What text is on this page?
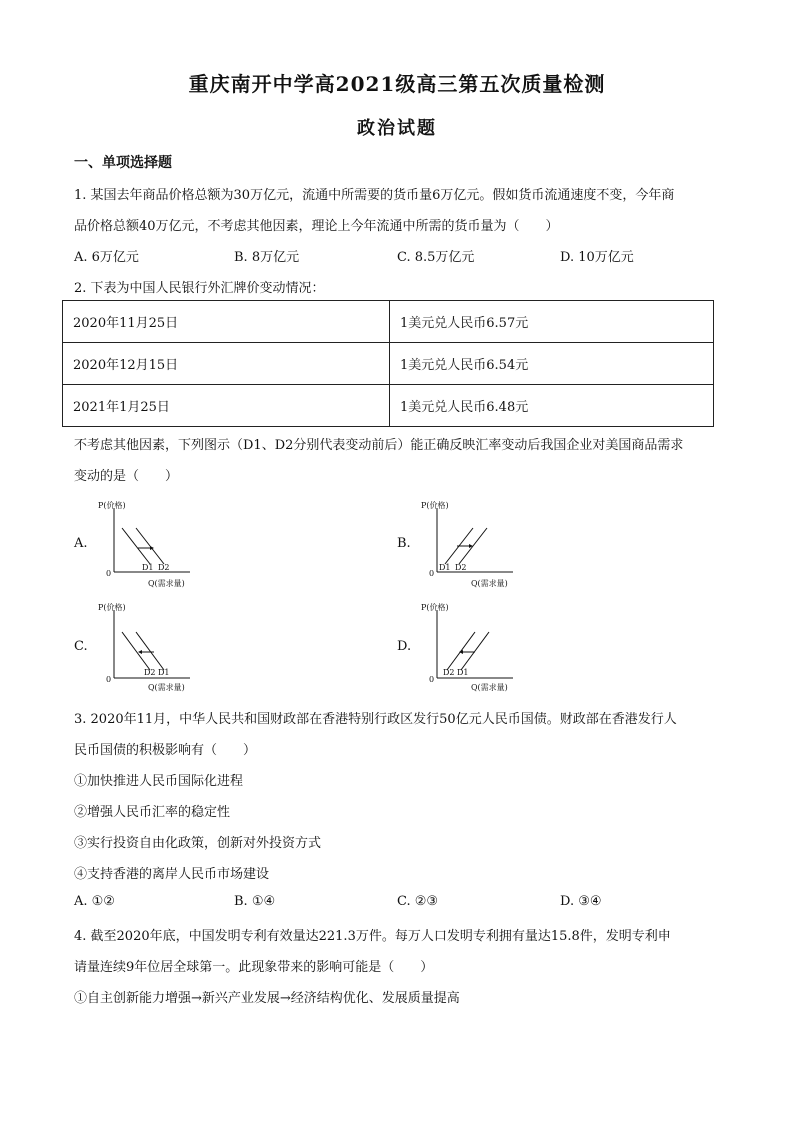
重庆南开中学高2021级高三第五次质量检测
政治试题
一、单项选择题
1. 某国去年商品价格总额为30万亿元，流通中所需要的货币量6万亿元。假如货币流通速度不变，今年商
品价格总额40万亿元，不考虑其他因素，理论上今年流通中所需的货币量为（　　）
A. 6万亿元	B. 8万亿元	C. 8.5万亿元	D. 10万亿元
2. 下表为中国人民银行外汇牌价变动情况：
2020年11月25日	1美元兑人民币6.57元
2020年12月15日	1美元兑人民币6.54元
2021年1月25日	1美元兑人民币6.48元
不考虑其他因素，下列图示（D1、D2分别代表变动前后）能正确反映汇率变动后我国企业对美国商品需求
变动的是（　　）
A.	B.
C.	D.
P(价格)
0
Q(需求量)
D1 D2
P(价格)
0
Q(需求量)
D1 D2
P(价格)
0
Q(需求量)
D2 D1
P(价格)
0
Q(需求量)
D2 D1
3. 2020年11月，中华人民共和国财政部在香港特别行政区发行50亿元人民币国债。财政部在香港发行人
民币国债的积极影响有（　　）
①加快推进人民币国际化进程
②增强人民币汇率的稳定性
③实行投资自由化政策，创新对外投资方式
④支持香港的离岸人民币市场建设
A. ①②	B. ①④	C. ②③	D. ③④
4. 截至2020年底，中国发明专利有效量达221.3万件。每万人口发明专利拥有量达15.8件，发明专利申
请量连续9年位居全球第一。此现象带来的影响可能是（　　）
①自主创新能力增强→新兴产业发展→经济结构优化、发展质量提高
